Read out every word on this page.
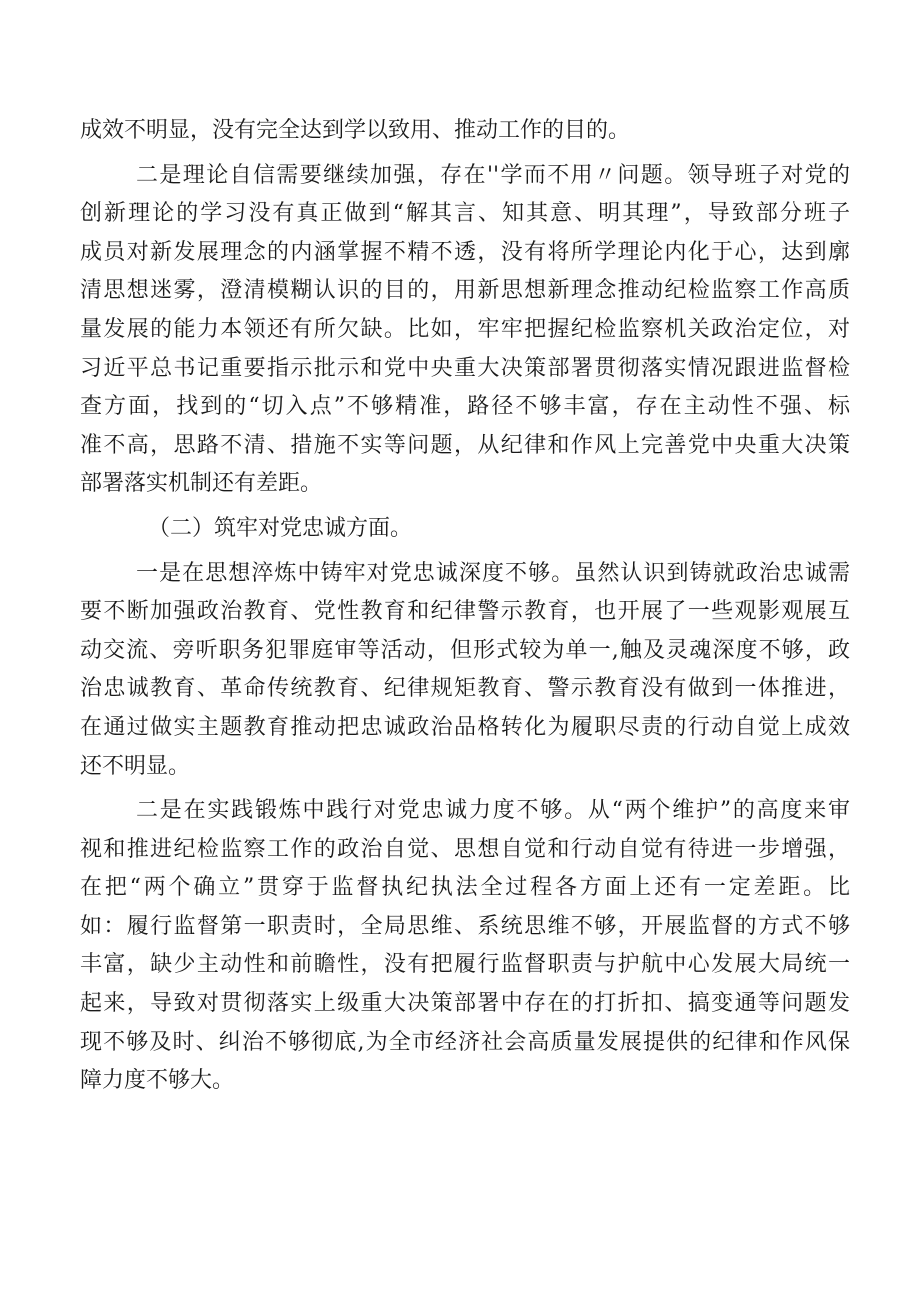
成效不明显，没有完全达到学以致用、推动工作的目的。
二是理论自信需要继续加强，存在''学而不用〃问题。领导班子对党的
创新理论的学习没有真正做到“解其言、知其意、明其理”，导致部分班子
成员对新发展理念的内涵掌握不精不透，没有将所学理论内化于心，达到廓
清思想迷雾，澄清模糊认识的目的，用新思想新理念推动纪检监察工作高质
量发展的能力本领还有所欠缺。比如，牢牢把握纪检监察机关政治定位，对
习近平总书记重要指示批示和党中央重大决策部署贯彻落实情况跟进监督检
查方面，找到的“切入点”不够精准，路径不够丰富，存在主动性不强、标
准不高，思路不清、措施不实等问题，从纪律和作风上完善党中央重大决策
部署落实机制还有差距。
（二）筑牢对党忠诚方面。
一是在思想淬炼中铸牢对党忠诚深度不够。虽然认识到铸就政治忠诚需
要不断加强政治教育、党性教育和纪律警示教育，也开展了一些观影观展互
动交流、旁听职务犯罪庭审等活动，但形式较为单一,触及灵魂深度不够，政
治忠诚教育、革命传统教育、纪律规矩教育、警示教育没有做到一体推进，
在通过做实主题教育推动把忠诚政治品格转化为履职尽责的行动自觉上成效
还不明显。
二是在实践锻炼中践行对党忠诚力度不够。从“两个维护”的高度来审
视和推进纪检监察工作的政治自觉、思想自觉和行动自觉有待进一步增强，
在把“两个确立”贯穿于监督执纪执法全过程各方面上还有一定差距。比
如：履行监督第一职责时，全局思维、系统思维不够，开展监督的方式不够
丰富，缺少主动性和前瞻性，没有把履行监督职责与护航中心发展大局统一
起来，导致对贯彻落实上级重大决策部署中存在的打折扣、搞变通等问题发
现不够及时、纠治不够彻底,为全市经济社会高质量发展提供的纪律和作风保
障力度不够大。
